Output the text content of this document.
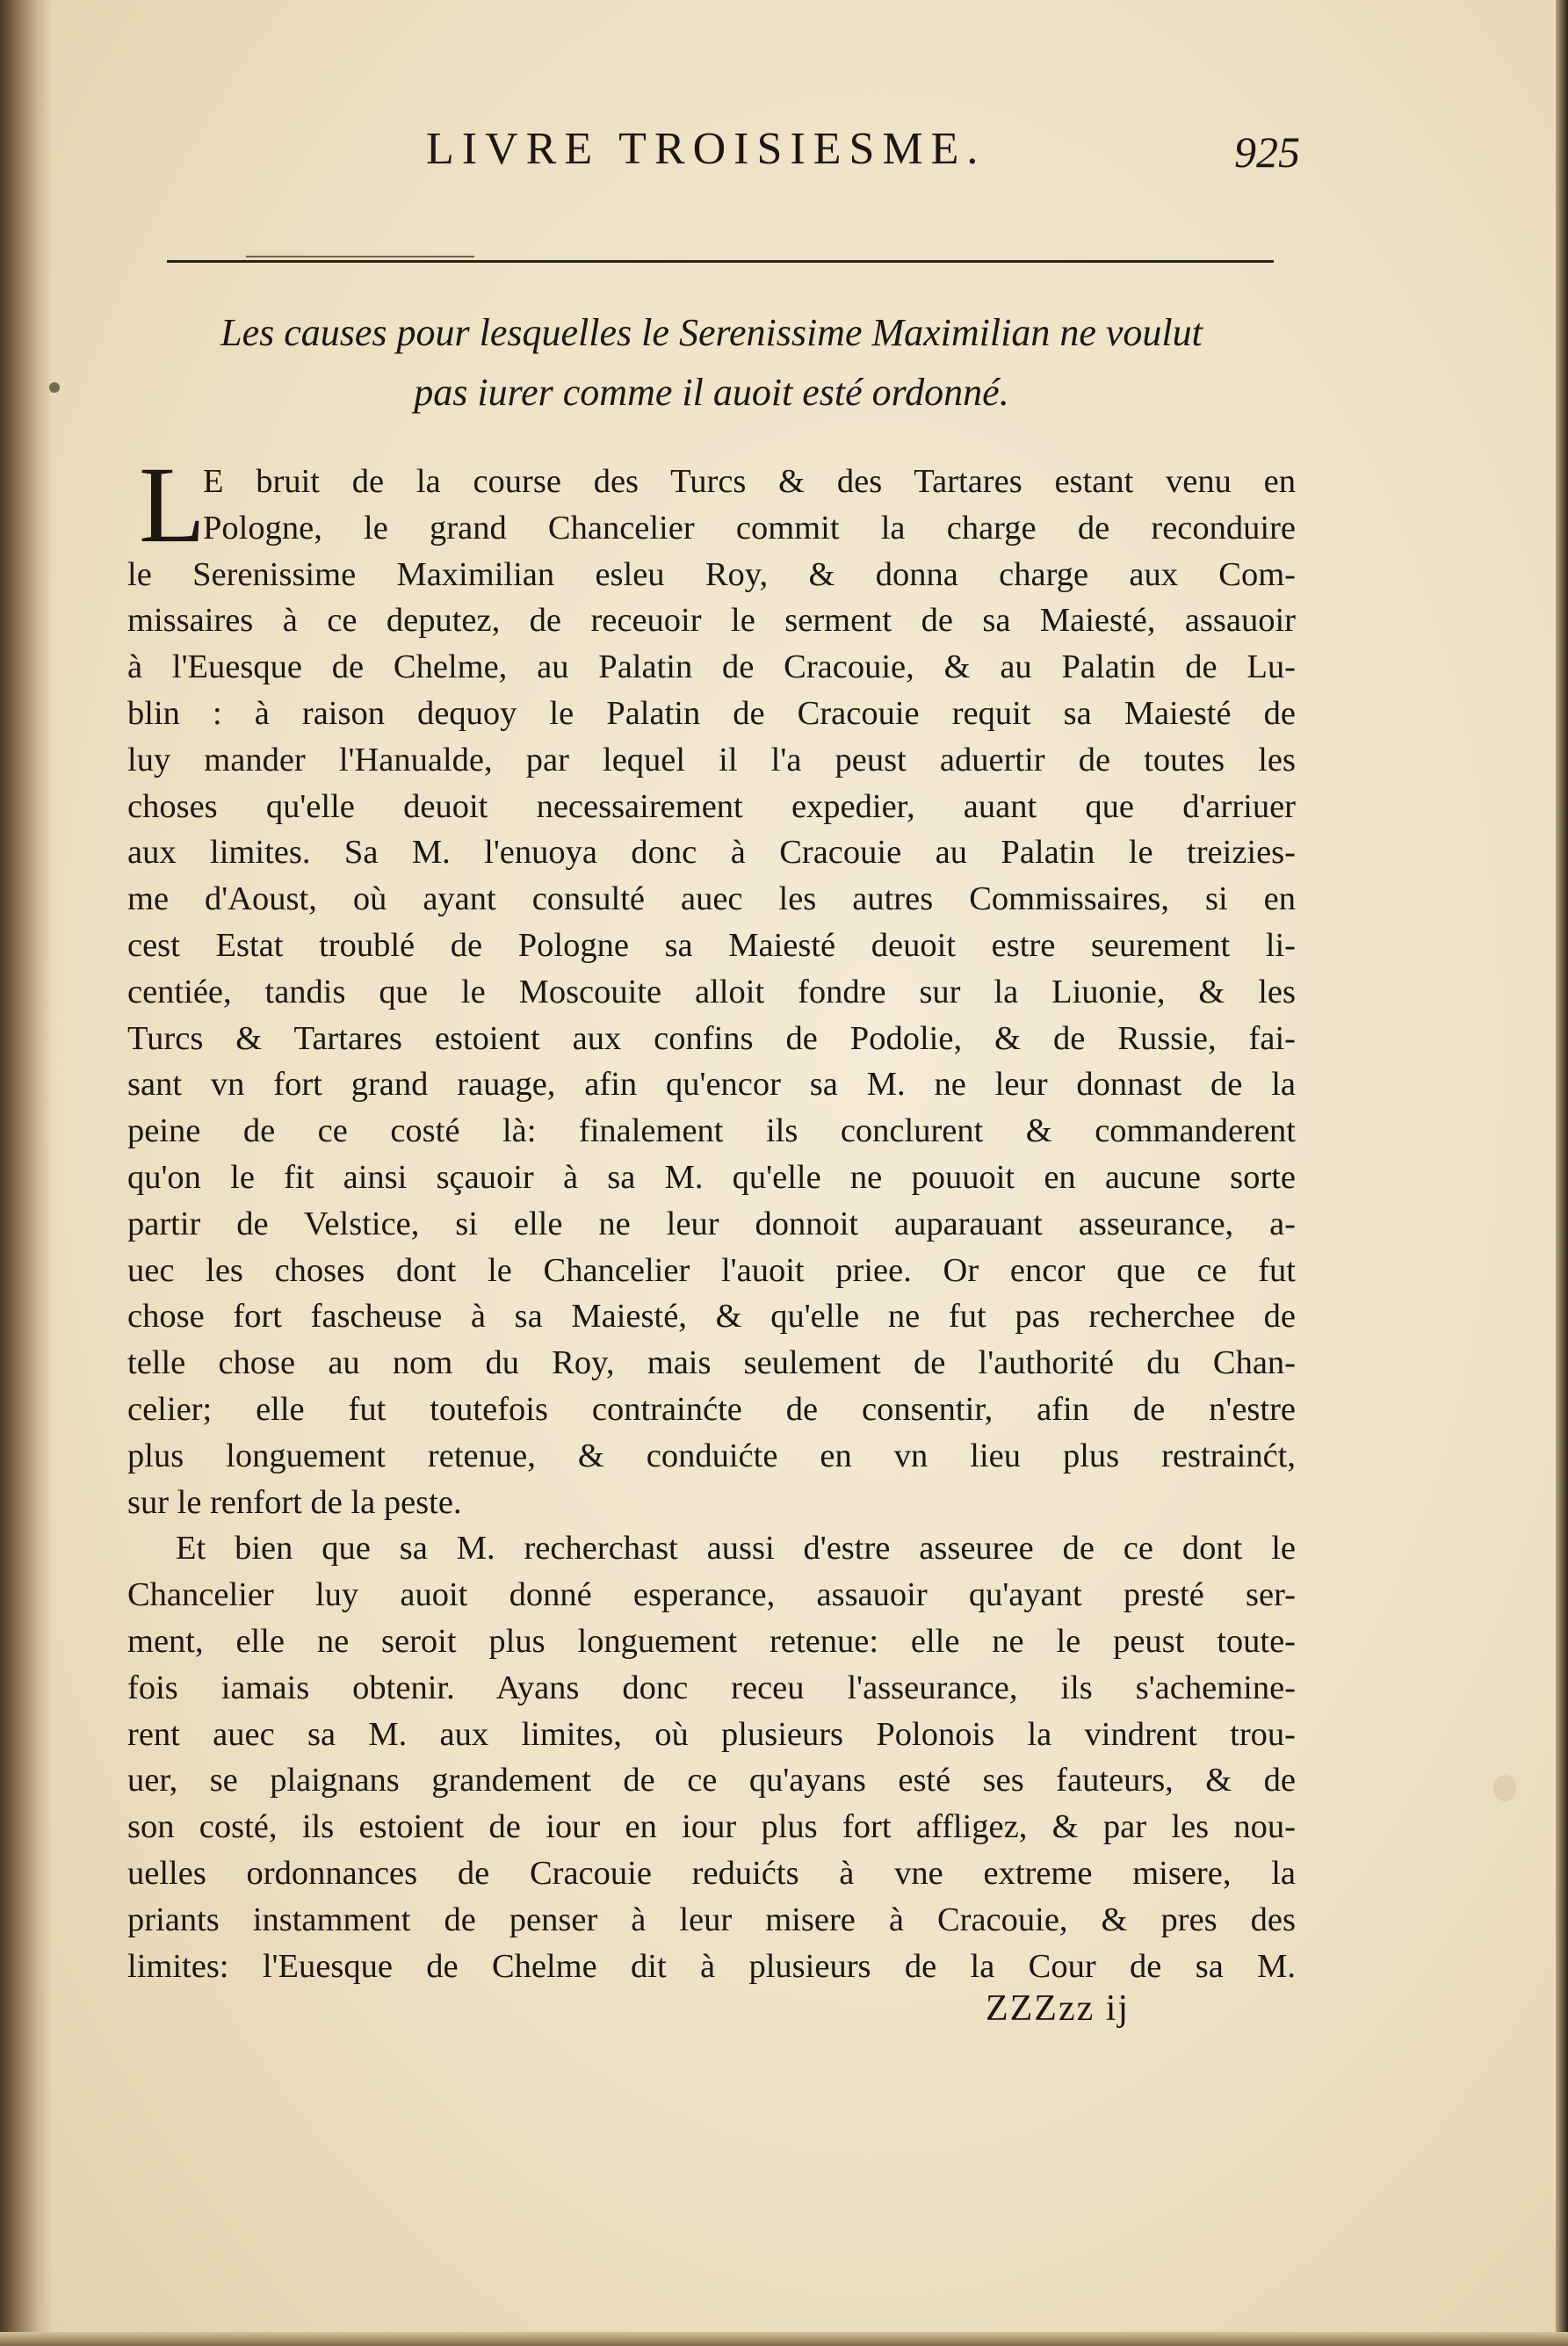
LIVRE TROISIESME.	925
Les causes pour lesquelles le Serenissime Maximilian ne voulut
pas iurer comme il auoit esté ordonné.
L
E bruit de la course des Turcs & des Tartares estant venu en
Pologne, le grand Chancelier commit la charge de reconduire
le Serenissime Maximilian esleu Roy, & donna charge aux Com-
missaires à ce deputez, de receuoir le serment de sa Maiesté, assauoir
à l'Euesque de Chelme, au Palatin de Cracouie, & au Palatin de Lu-
blin : à raison dequoy le Palatin de Cracouie requit sa Maiesté de
luy mander l'Hanualde, par lequel il l'a peust aduertir de toutes les
choses qu'elle deuoit necessairement expedier, auant que d'arriuer
aux limites. Sa M. l'enuoya donc à Cracouie au Palatin le treizies-
me d'Aoust, où ayant consulté auec les autres Commissaires, si en
cest Estat troublé de Pologne sa Maiesté deuoit estre seurement li-
centiée, tandis que le Moscouite alloit fondre sur la Liuonie, & les
Turcs & Tartares estoient aux confins de Podolie, & de Russie, fai-
sant vn fort grand rauage, afin qu'encor sa M. ne leur donnast de la
peine de ce costé là: finalement ils conclurent & commanderent
qu'on le fit ainsi sçauoir à sa M. qu'elle ne pouuoit en aucune sorte
partir de Velstice, si elle ne leur donnoit auparauant asseurance, a-
uec les choses dont le Chancelier l'auoit priee. Or encor que ce fut
chose fort fascheuse à sa Maiesté, & qu'elle ne fut pas recherchee de
telle chose au nom du Roy, mais seulement de l'authorité du Chan-
celier; elle fut toutefois contrainćte de consentir, afin de n'estre
plus longuement retenue, & conduićte en vn lieu plus restrainćt,
sur le renfort de la peste.
Et bien que sa M. recherchast aussi d'estre asseuree de ce dont le
Chancelier luy auoit donné esperance, assauoir qu'ayant presté ser-
ment, elle ne seroit plus longuement retenue: elle ne le peust toute-
fois iamais obtenir. Ayans donc receu l'asseurance, ils s'achemine-
rent auec sa M. aux limites, où plusieurs Polonois la vindrent trou-
uer, se plaignans grandement de ce qu'ayans esté ses fauteurs, & de
son costé, ils estoient de iour en iour plus fort affligez, & par les nou-
uelles ordonnances de Cracouie reduićts à vne extreme misere, la
priants instamment de penser à leur misere à Cracouie, & pres des
limites: l'Euesque de Chelme dit à plusieurs de la Cour de sa M.
ZZZzz ij
